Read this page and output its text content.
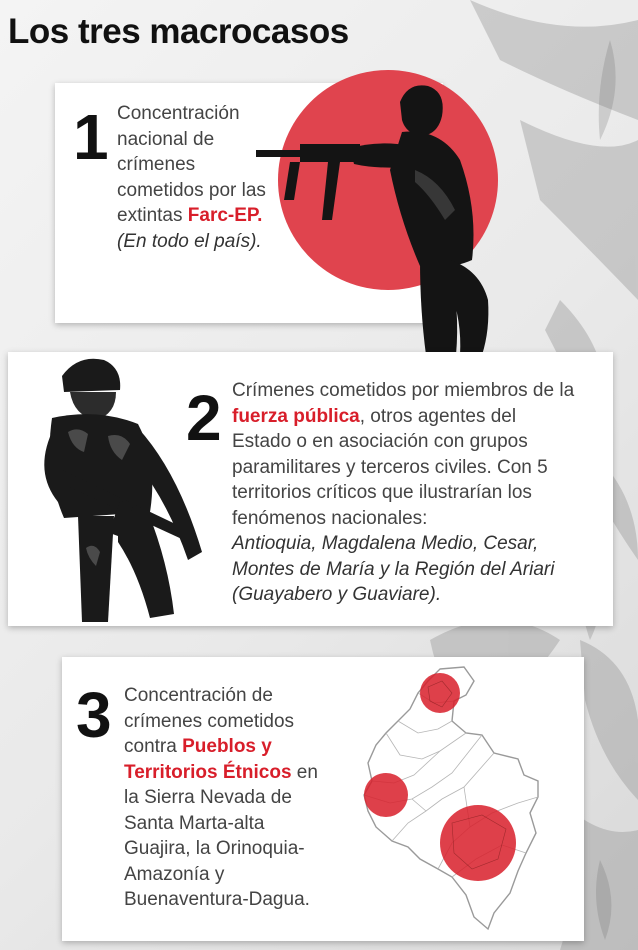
Los tres macrocasos
1 Concentración nacional de crímenes cometidos por las extintas Farc-EP.
(En todo el país).
2 Crímenes cometidos por miembros de la fuerza pública, otros agentes del Estado o en asociación con grupos paramilitares y terceros civiles. Con 5 territorios críticos que ilustrarían los fenómenos nacionales:
Antioquia, Magdalena Medio, Cesar, Montes de María y la Región del Ariari (Guayabero y Guaviare).
3 Concentración de crímenes cometidos contra Pueblos y Territorios Étnicos en la Sierra Nevada de Santa Marta-alta Guajira, la Orinoquia-Amazonía y Buenaventura-Dagua.
